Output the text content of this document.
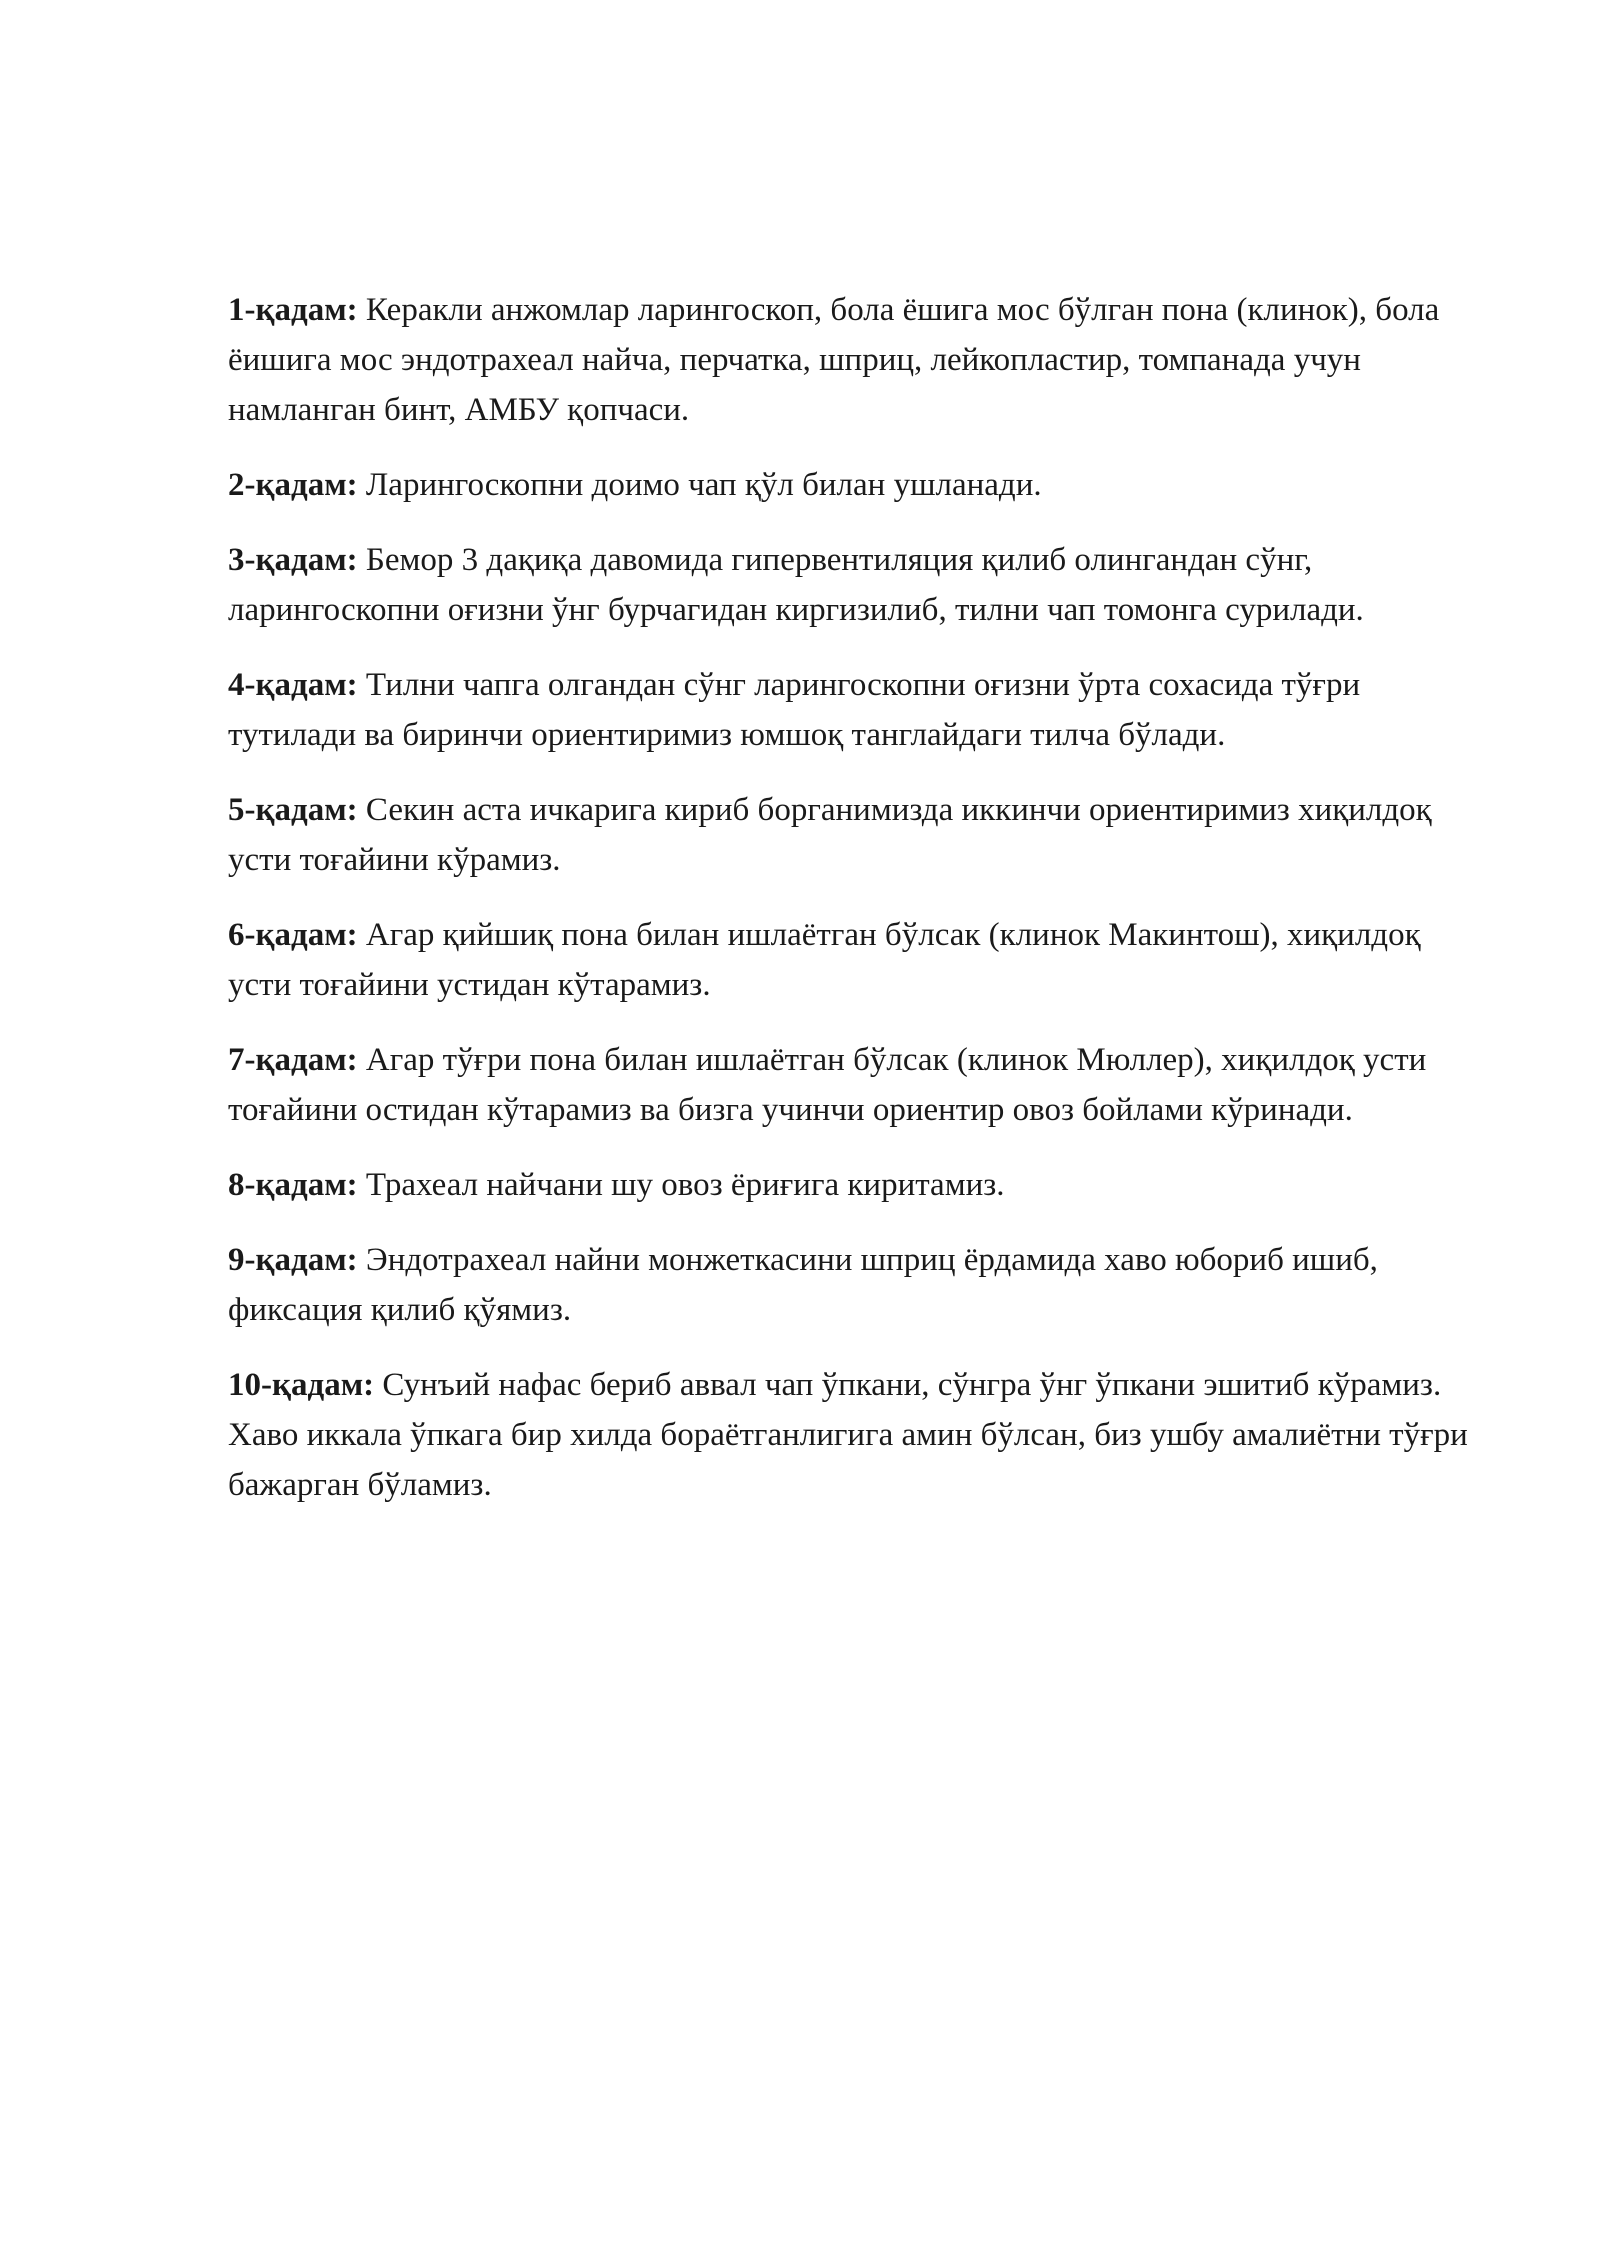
1-қадам: Керакли анжомлар ларингоскоп, бола ёшига мос бўлган пона (клинок), бола ёишига мос эндотрахеал найча, перчатка, шприц, лейкопластир, томпанада учун намланган бинт, АМБУ қопчаси.

2-қадам: Ларингоскопни доимо чап қўл билан ушланади.

3-қадам: Бемор 3 дақиқа давомида гипервентиляция қилиб олингандан сўнг, ларингоскопни оғизни ўнг бурчагидан киргизилиб, тилни чап томонга сурилади.

4-қадам: Тилни чапга олгандан сўнг ларингоскопни оғизни ўрта сохасида тўғри тутилади ва биринчи ориентиримиз юмшоқ танглайдаги тилча бўлади.

5-қадам: Секин аста ичкарига кириб борганимизда иккинчи ориентиримиз хиқилдоқ усти тоғайини кўрамиз.

6-қадам: Агар қийшиқ пона билан ишлаётган бўлсак (клинок Макинтош), хиқилдоқ усти тоғайини устидан кўтарамиз.

7-қадам: Агар тўғри пона билан ишлаётган бўлсак (клинок Мюллер), хиқилдоқ усти тоғайини остидан кўтарамиз ва бизга учинчи ориентир овоз бойлами кўринади.

8-қадам: Трахеал найчани шу овоз ёриғига киритамиз.

9-қадам: Эндотрахеал найни монжеткасини шприц ёрдамида хаво юбориб ишиб, фиксация қилиб қўямиз.

10-қадам: Сунъий нафас бериб аввал чап ўпкани, сўнгра ўнг ўпкани эшитиб кўрамиз. Хаво иккала ўпкага бир хилда бораётганлигига амин бўлсан, биз ушбу амалиётни тўғри бажарган бўламиз.
